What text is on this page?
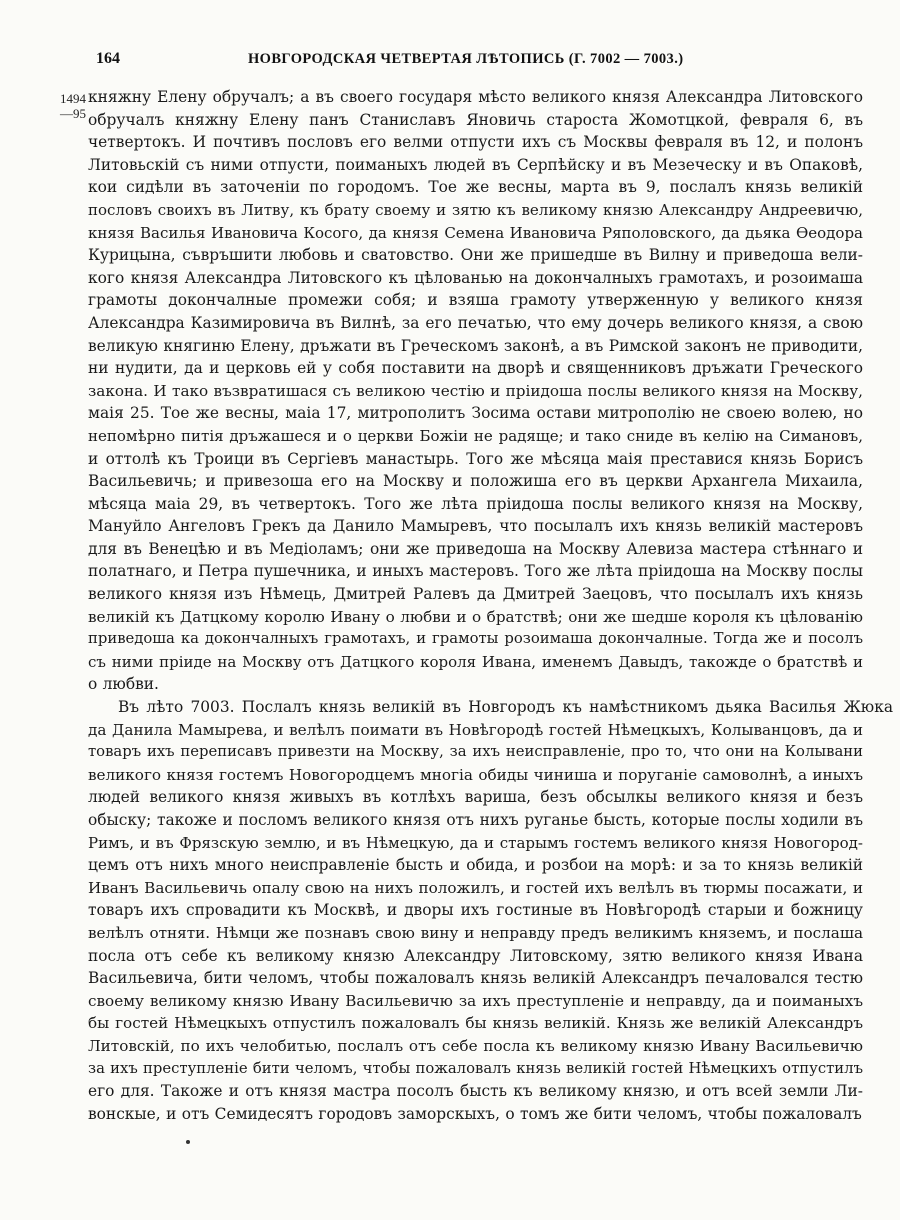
164	НОВГОРОДСКАЯ ЧЕТВЕРТАЯ ЛѢТОПИСЬ (Г. 7002 — 7003.)
1494
—95
княжну Елену обручалъ; а въ своего государя мѣсто великого князя Александра Литовского
обручалъ княжну Елену панъ Станиславъ Яновичь староста Жомотцкой, февраля 6, въ
четвертокъ. И почтивъ пословъ его велми отпусти ихъ съ Москвы февраля въ 12, и полонъ
Литовьскій съ ними отпусти, поиманыхъ людей въ Серпѣйску и въ Мезеческу и въ Опаковѣ,
кои сидѣли въ заточеніи по городомъ. Тое же весны, марта въ 9, послалъ князь великій
пословъ своихъ въ Литву, къ брату своему и зятю къ великому князю Александру Андреевичю,
князя Василья Ивановича Косого, да князя Семена Ивановича Ряполовского, да дьяка Өеодора
Курицына, съвръшити любовь и сватовство. Они же пришедше въ Вилну и приведоша вели-
кого князя Александра Литовского къ цѣлованью на докончалныхъ грамотахъ, и розоимаша
грамоты докончалные промежи собя; и взяша грамоту утверженную у великого князя
Александра Казимировича въ Вилнѣ, за его печатью, что ему дочерь великого князя, а свою
великую княгиню Елену, дръжати въ Греческомъ законѣ, а въ Римской законъ не приводити,
ни нудити, да и церковь ей у собя поставити на дворѣ и священниковъ дръжати Греческого
закона. И тако възвратишася съ великою честію и пріидоша послы великого князя на Москву,
маія 25. Тое же весны, маіа 17, митрополитъ Зосима остави митрополію не своею волею, но
непомѣрно питія дръжашеся и о церкви Божіи не радяще; и тако сниде въ келію на Симановъ,
и оттолѣ къ Троици въ Сергіевъ манастырь. Того же мѣсяца маія преставися князь Борисъ
Васильевичь; и привезоша его на Москву и положиша его въ церкви Архангела Михаила,
мѣсяца маіа 29, въ четвертокъ. Того же лѣта пріидоша послы великого князя на Москву,
Мануйло Ангеловъ Грекъ да Данило Мамыревъ, что посылалъ ихъ князь великій мастеровъ
для въ Венецѣю и въ Медіоламъ; они же приведоша на Москву Алевиза мастера стѣннаго и
полатнаго, и Петра пушечника, и иныхъ мастеровъ. Того же лѣта пріидоша на Москву послы
великого князя изъ Нѣмець, Дмитрей Ралевъ да Дмитрей Заецовъ, что посылалъ ихъ князь
великій къ Датцкому королю Ивану о любви и о братствѣ; они же шедше короля къ цѣлованію
приведоша ка докончалныхъ грамотахъ, и грамоты розоимаша докончалные. Тогда же и посолъ
съ ними пріиде на Москву отъ Датцкого короля Ивана, именемъ Давыдъ, такожде о братствѣ и
о любви.
Въ лѣто 7003. Послалъ князь великій въ Новгородъ къ намѣстникомъ дьяка Василья Жюка
да Данила Мамырева, и велѣлъ поимати въ Новѣгородѣ гостей Нѣмецкыхъ, Колыванцовъ, да и
товаръ ихъ переписавъ привезти на Москву, за ихъ неисправленіе, про то, что они на Колывани
великого князя гостемъ Новогородцемъ многіа обиды чиниша и поруганіе самоволнѣ, а иныхъ
людей великого князя живыхъ въ котлѣхъ вариша, безъ обсылкы великого князя и безъ
обыску; такоже и посломъ великого князя отъ нихъ руганье бысть, которые послы ходили въ
Римъ, и въ Фрязскую землю, и въ Нѣмецкую, да и старымъ гостемъ великого князя Новогород-
цемъ отъ нихъ много неисправленіе бысть и обида, и розбои на морѣ: и за то князь великій
Иванъ Васильевичь опалу свою на нихъ положилъ, и гостей ихъ велѣлъ въ тюрмы посажати, и
товаръ ихъ спровадити къ Москвѣ, и дворы ихъ гостиные въ Новѣгородѣ старыи и божницу
велѣлъ отняти. Нѣмци же познавъ свою вину и неправду предъ великимъ княземъ, и послаша
посла отъ себе къ великому князю Александру Литовскому, зятю великого князя Ивана
Васильевича, бити челомъ, чтобы пожаловалъ князь великій Александръ печаловался тестю
своему великому князю Ивану Васильевичю за ихъ преступленіе и неправду, да и поиманыхъ
бы гостей Нѣмецкыхъ отпустилъ пожаловалъ бы князь великій. Князь же великій Александръ
Литовскій, по ихъ челобитью, послалъ отъ себе посла къ великому князю Ивану Васильевичю
за ихъ преступленіе бити челомъ, чтобы пожаловалъ князь великій гостей Нѣмецкихъ отпустилъ
его для. Такоже и отъ князя мастра посолъ бысть къ великому князю, и отъ всей земли Ли-
вонскые, и отъ Семидесятъ городовъ заморскыхъ, о томъ же бити челомъ, чтобы пожаловалъ
